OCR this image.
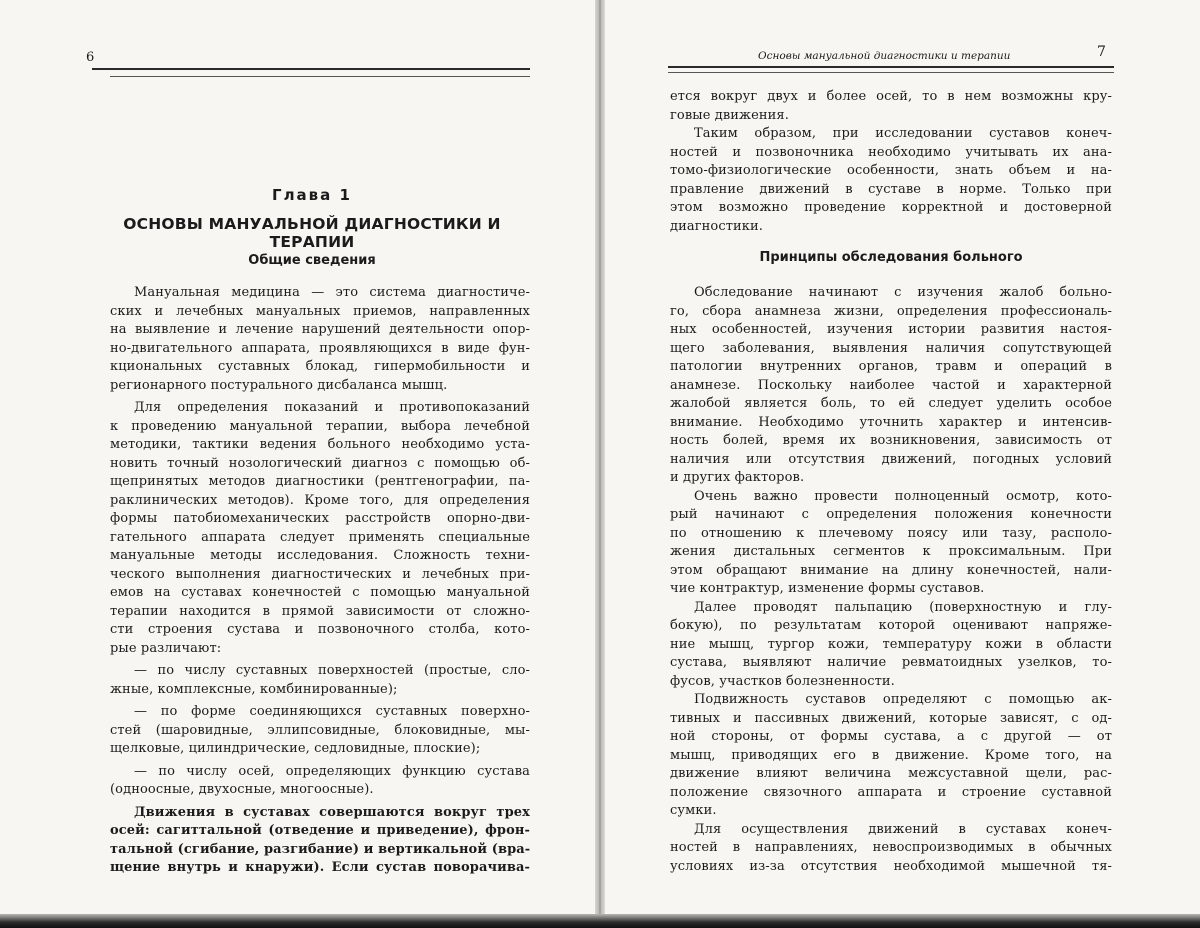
6
Глава 1
ОСНОВЫ МАНУАЛЬНОЙ ДИАГНОСТИКИ И ТЕРАПИИ
Общие сведения

Мануальная медицина — это система диагностиче-

ских и лечебных мануальных приемов, направленных

на выявление и лечение нарушений деятельности опор-

но-двигательного аппарата, проявляющихся в виде фун-

кциональных суставных блокад, гипермобильности и

регионарного постурального дисбаланса мышц.

Для определения показаний и противопоказаний

к проведению мануальной терапии, выбора лечебной

методики, тактики ведения больного необходимо уста-

новить точный нозологический диагноз с помощью об-

щепринятых методов диагностики (рентгенографии, па-

раклинических методов). Кроме того, для определения

формы патобиомеханических расстройств опорно-дви-

гательного аппарата следует применять специальные

мануальные методы исследования. Сложность техни-

ческого выполнения диагностических и лечебных при-

емов на суставах конечностей с помощью мануальной

терапии находится в прямой зависимости от сложно-

сти строения сустава и позвоночного столба, кото-

рые различают:

— по числу суставных поверхностей (простые, сло-

жные, комплексные, комбинированные);

— по форме соединяющихся суставных поверхно-

стей (шаровидные, эллипсовидные, блоковидные, мы-

щелковые, цилиндрические, седловидные, плоские);

— по числу осей, определяющих функцию сустава

(одноосные, двухосные, многоосные).

Движения в суставах совершаются вокруг трех

осей: сагиттальной (отведение и приведение), фрон-

тальной (сгибание, разгибание) и вертикальной (вра-

щение внутрь и кнаружи). Если сустав поворачива-

Основы мануальной диагностики и терапии	7

ется вокруг двух и более осей, то в нем возможны кру-

говые движения.

Таким образом, при исследовании суставов конеч-

ностей и позвоночника необходимо учитывать их ана-

томо-физиологические особенности, знать объем и на-

правление движений в суставе в норме. Только при

этом возможно проведение корректной и достоверной

диагностики.

Принципы обследования больного

Обследование начинают с изучения жалоб больно-

го, сбора анамнеза жизни, определения профессиональ-

ных особенностей, изучения истории развития настоя-

щего заболевания, выявления наличия сопутствующей

патологии внутренних органов, травм и операций в

анамнезе. Поскольку наиболее частой и характерной

жалобой является боль, то ей следует уделить особое

внимание. Необходимо уточнить характер и интенсив-

ность болей, время их возникновения, зависимость от

наличия или отсутствия движений, погодных условий

и других факторов.

Очень важно провести полноценный осмотр, кото-

рый начинают с определения положения конечности

по отношению к плечевому поясу или тазу, располо-

жения дистальных сегментов к проксимальным. При

этом обращают внимание на длину конечностей, нали-

чие контрактур, изменение формы суставов.

Далее проводят пальпацию (поверхностную и глу-

бокую), по результатам которой оценивают напряже-

ние мышц, тургор кожи, температуру кожи в области

сустава, выявляют наличие ревматоидных узелков, то-

фусов, участков болезненности.

Подвижность суставов определяют с помощью ак-

тивных и пассивных движений, которые зависят, с од-

ной стороны, от формы сустава, а с другой — от

мышц, приводящих его в движение. Кроме того, на

движение влияют величина межсуставной щели, рас-

положение связочного аппарата и строение суставной

сумки.

Для осуществления движений в суставах конеч-

ностей в направлениях, невоспроизводимых в обычных

условиях из-за отсутствия необходимой мышечной тя-
